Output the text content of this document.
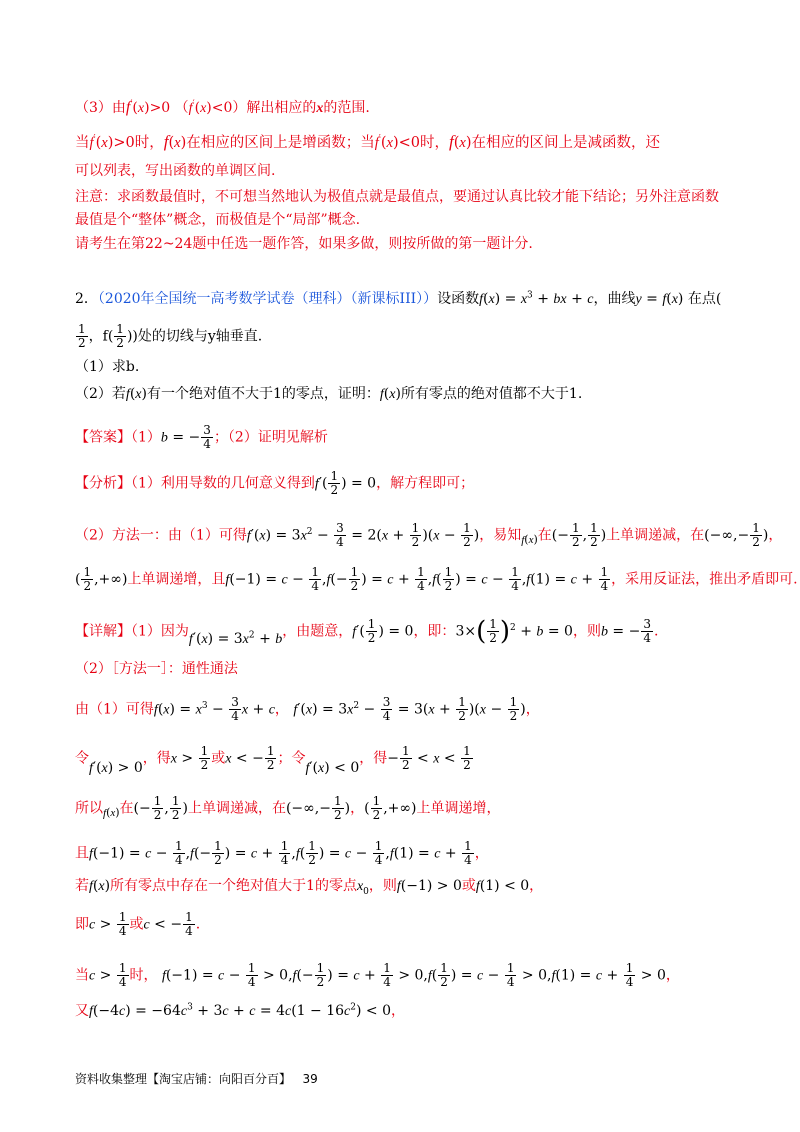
（3）由f′(x)>0 （f′(x)<0）解出相应的x的范围.
当f′(x)>0时，f(x)在相应的区间上是增函数；当f′(x)<0时，f(x)在相应的区间上是减函数，还
可以列表，写出函数的单调区间.
注意：求函数最值时，不可想当然地认为极值点就是最值点，要通过认真比较才能下结论；另外注意函数
最值是个“整体”概念，而极值是个“局部”概念.
请考生在第22~24题中任选一题作答，如果多做，则按所做的第一题计分.
2．（2020年全国统一高考数学试卷（理科）（新课标III））设函数$f(x) = x^3$ + bx + c，曲线y = f(x) 在点(
$\frac{1}{2}$ ，$f( \frac{1}{2}$ ))处的切线与y轴垂直.
（1）求b.
（2）若f(x)有一个绝对值不大于1的零点，证明：f(x)所有零点的绝对值都不大于1.
【答案】（1）b = − $\frac{3}{4}$ ；（2）证明见解析
【分析】（1）利用导数的几何意义得到$f'( \frac{1}{2}$ ) = 0，解方程即可；
（2）方法一：由（1）可得$f'(x) = 3x^2 - \frac{3}{4} = 2(x + \frac{1}{2} )(x - \frac{1}{2}$ )，易知$_{f(x)}$在(− $\frac{1}{2}$ , $\frac{1}{2}$ )上单调递减，在(−∞,− $\frac{1}{2}$ )，
( $\frac{1}{2}$ ,+∞)上单调递增，且$f(-1) = c - \frac{1}{4} ,f(- \frac{1}{2}$ ) = $c + \frac{1}{4} ,f( \frac{1}{2}$ ) = $c - \frac{1}{4} ,f(1) = c + \frac{1}{4}$ ，采用反证法，推出矛盾即可.
【详解】（1）因为$f'(x) = 3x^2 + b$，由题意，$f'( \frac{1}{2}$ ) = 0，即：$3\times( \frac{1}{2} )^2 + b = 0$，则b = − $\frac{3}{4}$ .
（2）［方法一］：通性通法
由（1）可得$f(x) = x^3 - \frac{3}{4}$ x + c， $f'(x) = 3x^2 - \frac{3}{4} = 3(x + \frac{1}{2} )(x - \frac{1}{2}$ )，
令f′(x) > 0，得$x > \frac{1}{2}$ 或x < − $\frac{1}{2}$ ；令f′(x) < 0，得− $\frac{1}{2} < x < \frac{1}{2}$
所以$_{f(x)}$在(− $\frac{1}{2}$ , $\frac{1}{2}$ )上单调递减，在(−∞,− $\frac{1}{2}$ )，( $\frac{1}{2}$ ,+∞)上单调递增，
且$f(-1) = c - \frac{1}{4} ,f(- \frac{1}{2}$ ) = $c + \frac{1}{4} ,f( \frac{1}{2}$ ) = $c - \frac{1}{4} ,f(1) = c + \frac{1}{4}$ ，
若f(x)所有零点中存在一个绝对值大于1的零点$x_0$，则f(−1) > 0或f(1) < 0，
即$c > \frac{1}{4}$ 或c < − $\frac{1}{4}$ .
当$c > \frac{1}{4}$ 时， $f(-1) = c - \frac{1}{4} > 0,f(- \frac{1}{2}$ ) = $c + \frac{1}{4} > 0,f( \frac{1}{2}$ ) = $c - \frac{1}{4} > 0,f(1) = c + \frac{1}{4} > 0$，
又$f(-4c) = -64c^3 + 3c + c = 4c(1 - 16c^2) < 0$，
资料收集整理【淘宝店铺：向阳百分百】 39
